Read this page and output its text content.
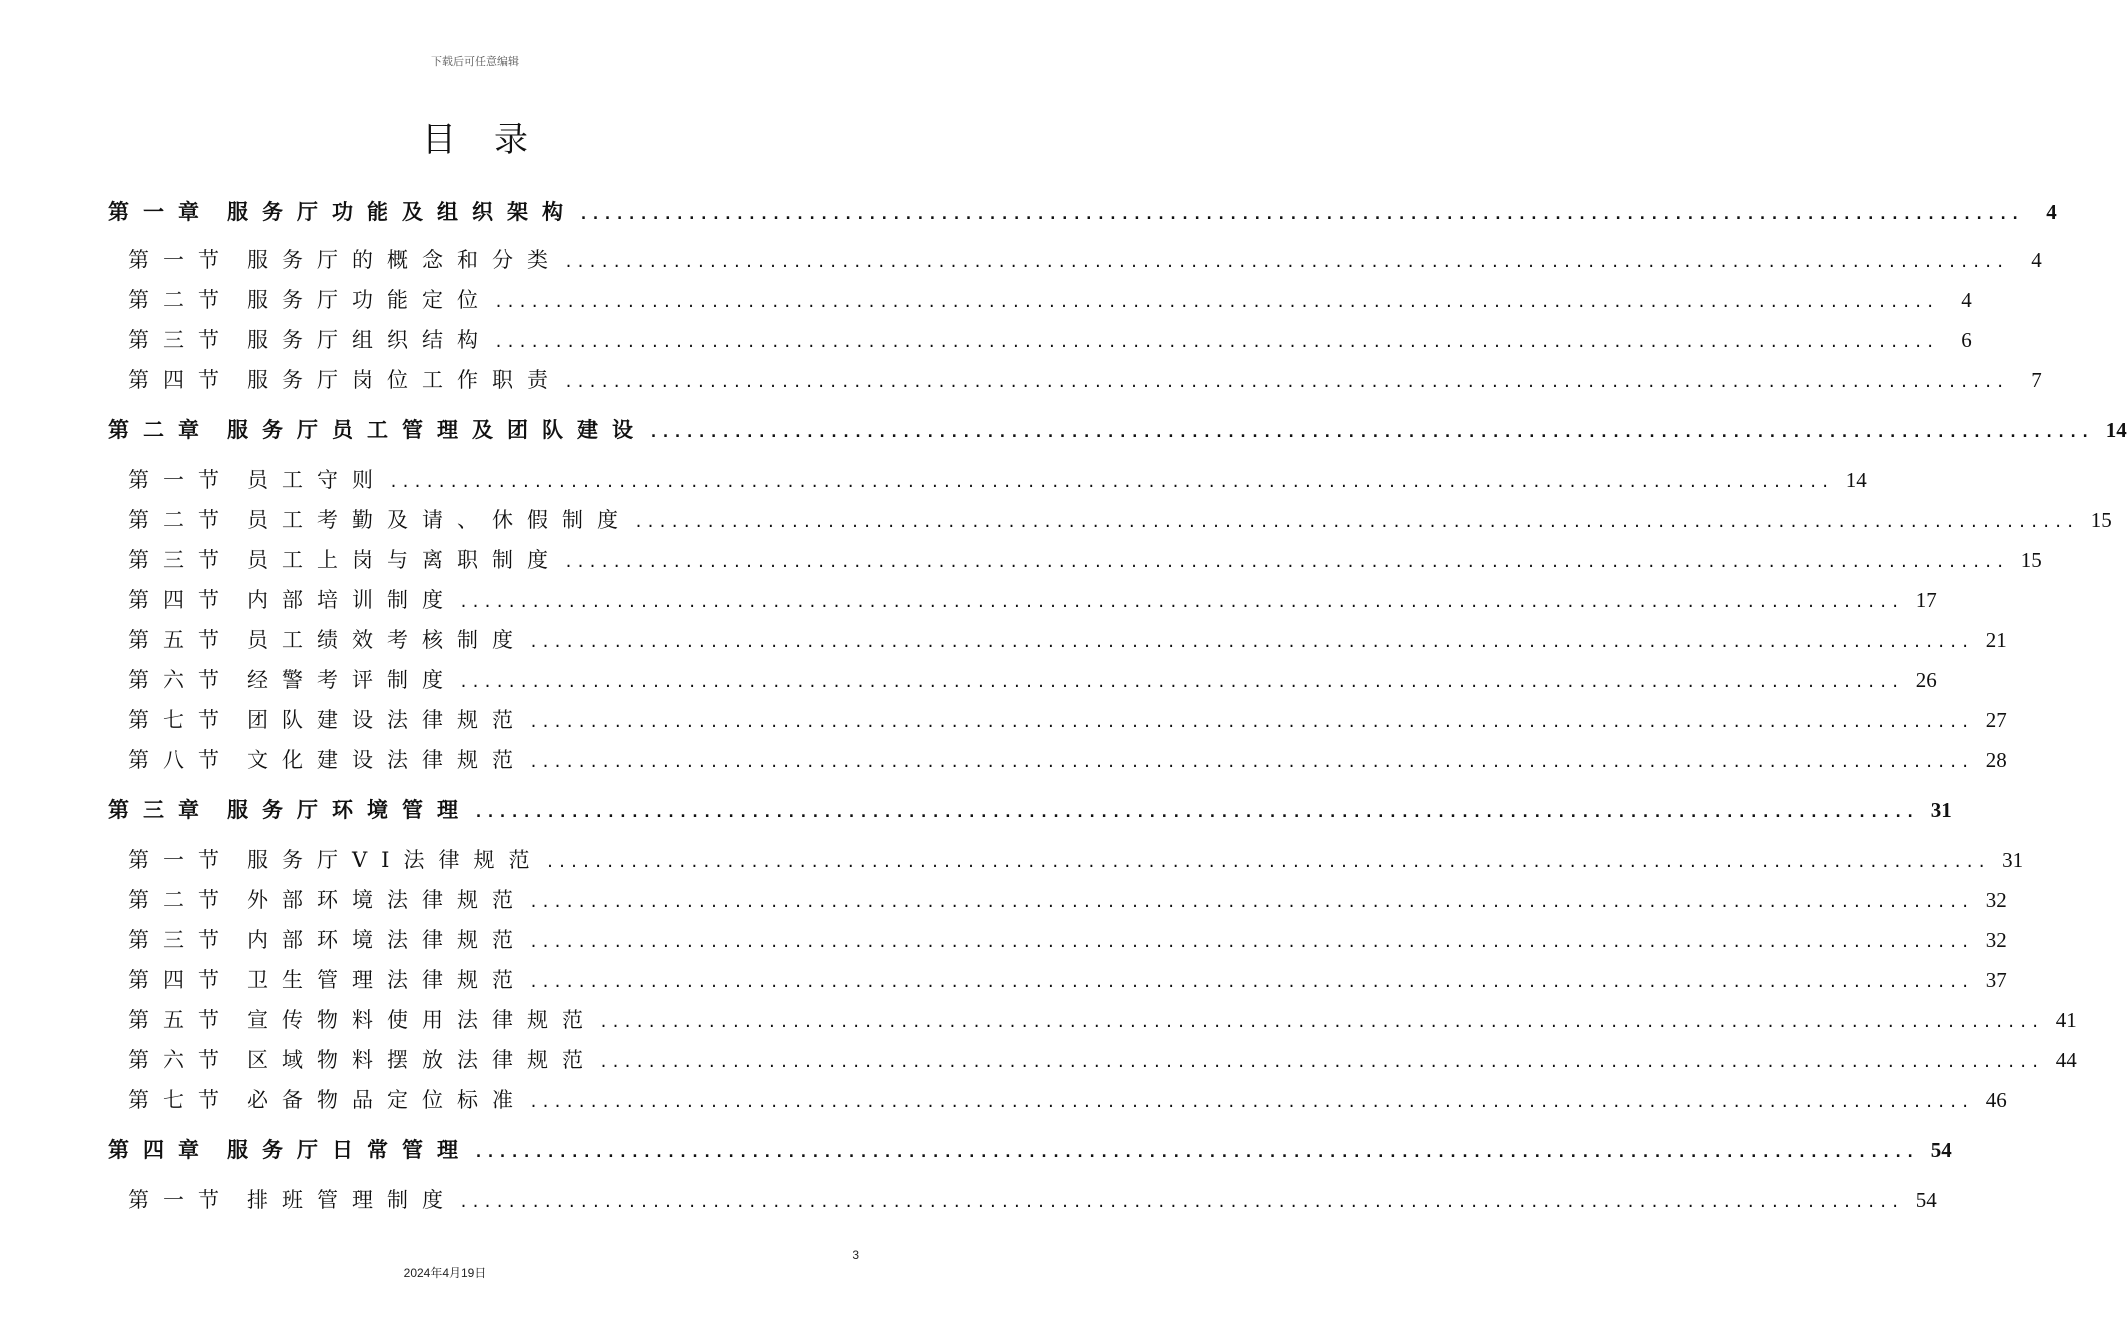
下载后可任意编辑
目录
第一章 服务厅功能及组织架构 ........................................................................................................................	4
第一节 服务厅的概念和分类 ........................................................................................................................	4
第二节 服务厅功能定位 ........................................................................................................................	4
第三节 服务厅组织结构 ........................................................................................................................	6
第四节 服务厅岗位工作职责 ........................................................................................................................	7
第二章 服务厅员工管理及团队建设 ........................................................................................................................ 14
第一节 员工守则 ........................................................................................................................ 14
第二节 员工考勤及请、休假制度 ........................................................................................................................ 15
第三节 员工上岗与离职制度 ........................................................................................................................ 15
第四节 内部培训制度 ........................................................................................................................ 17
第五节 员工绩效考核制度 ........................................................................................................................ 21
第六节 经警考评制度 ........................................................................................................................ 26
第七节 团队建设法律规范 ........................................................................................................................ 27
第八节 文化建设法律规范 ........................................................................................................................ 28
第三章 服务厅环境管理 ........................................................................................................................ 31
第一节 服务厅VI法律规范 ........................................................................................................................ 31
第二节 外部环境法律规范 ........................................................................................................................ 32
第三节 内部环境法律规范 ........................................................................................................................ 32
第四节 卫生管理法律规范 ........................................................................................................................ 37
第五节 宣传物料使用法律规范 ........................................................................................................................ 41
第六节 区域物料摆放法律规范 ........................................................................................................................ 44
第七节 必备物品定位标准 ........................................................................................................................ 46
第四章 服务厅日常管理 ........................................................................................................................ 54
第一节 排班管理制度 ........................................................................................................................ 54
3
2024年4月19日
